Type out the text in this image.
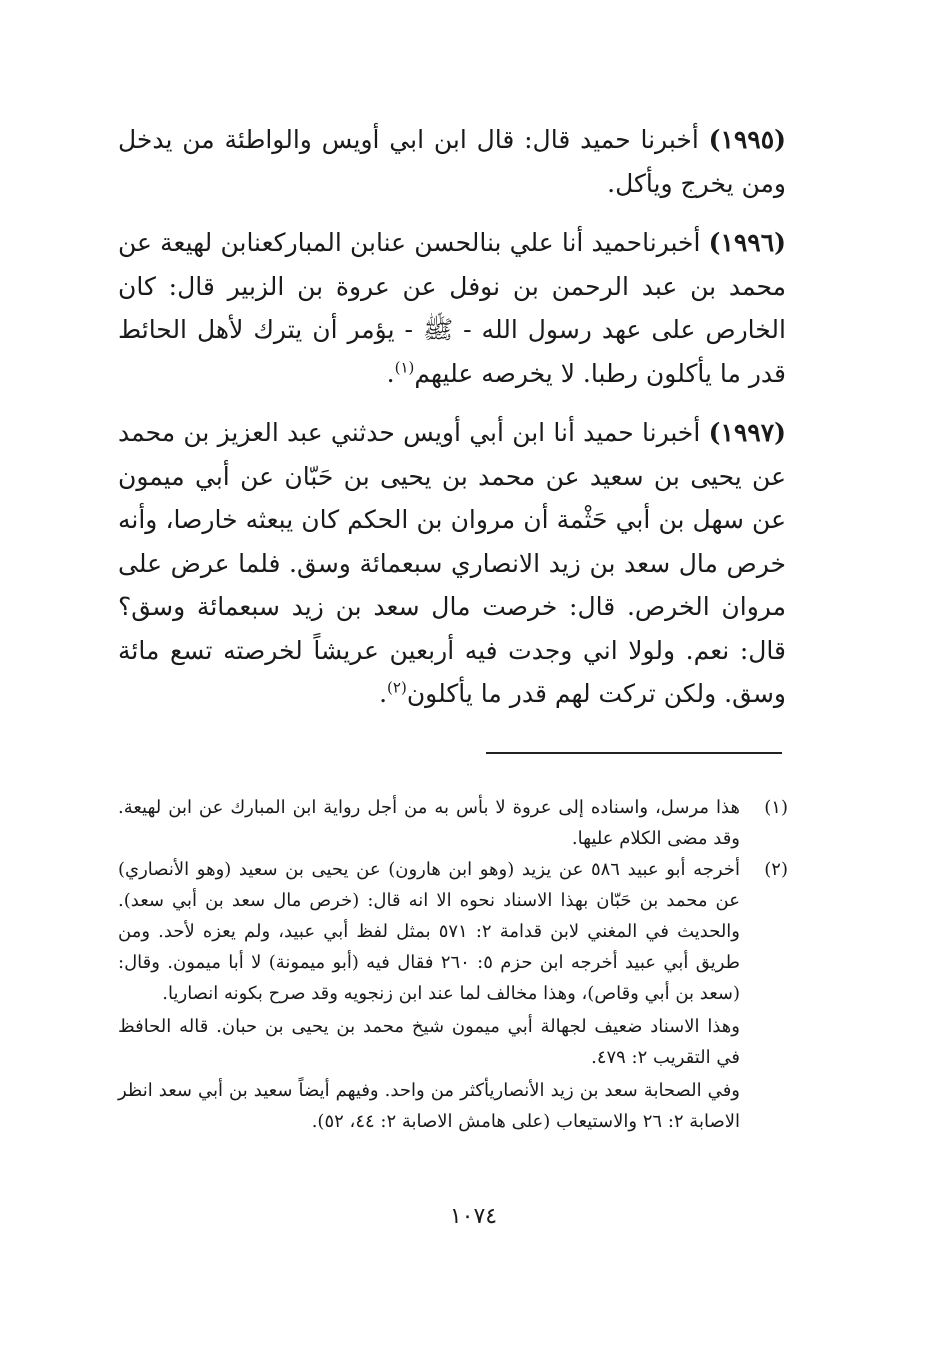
(١٩٩٥) أخبرنا حميد قال: قال ابن ابي أويس والواطئة من يدخل ومن يخرج ويأكل.

(١٩٩٦) أخبرناحميد أنا علي بنالحسن عنابن المباركعنابن لهيعة عن محمد بن عبد الرحمن بن نوفل عن عروة بن الزبير قال: كان الخارص على عهد رسول الله - ﷺ - يؤمر أن يترك لأهل الحائط قدر ما يأكلون رطبا. لا يخرصه عليهم$^{(١)}$.

(١٩٩٧) أخبرنا حميد أنا ابن أبي أويس حدثني عبد العزيز بن محمد عن يحيى بن سعيد عن محمد بن يحيى بن حَبّان عن أبي ميمون عن سهل بن أبي حَثْمة أن مروان بن الحكم كان يبعثه خارصا، وأنه خرص مال سعد بن زيد الانصاري سبعمائة وسق. فلما عرض على مروان الخرص. قال: خرصت مال سعد بن زيد سبعمائة وسق؟ قال: نعم. ولولا اني وجدت فيه أربعين عريشاً لخرصته تسع مائة وسق. ولكن تركت لهم قدر ما يأكلون$^{(٢)}$.

(١)
هذا مرسل، واسناده إلى عروة لا بأس به من أجل رواية ابن المبارك عن ابن لهيعة. وقد مضى الكلام عليها.
(٢)
أخرجه أبو عبيد ٥٨٦ عن يزيد (وهو ابن هارون) عن يحيى بن سعيد (وهو الأنصاري) عن محمد بن حَبّان بهذا الاسناد نحوه الا انه قال: (خرص مال سعد بن أبي سعد). والحديث في المغني لابن قدامة ٢: ٥٧١ بمثل لفظ أبي عبيد، ولم يعزه لأحد. ومن طريق أبي عبيد أخرجه ابن حزم ٥: ٢٦٠ فقال فيه (أبو ميمونة) لا أبا ميمون. وقال: (سعد بن أبي وقاص)، وهذا مخالف لما عند ابن زنجويه وقد صرح بكونه انصاريا.

وهذا الاسناد ضعيف لجهالة أبي ميمون شيخ محمد بن يحيى بن حبان. قاله الحافظ في التقريب ٢: ٤٧٩.

وفي الصحابة سعد بن زيد الأنصاريأكثر من واحد. وفيهم أيضاً سعيد بن أبي سعد انظر الاصابة ٢: ٢٦ والاستيعاب (على هامش الاصابة ٢: ٤٤، ٥٢).

١٠٧٤
